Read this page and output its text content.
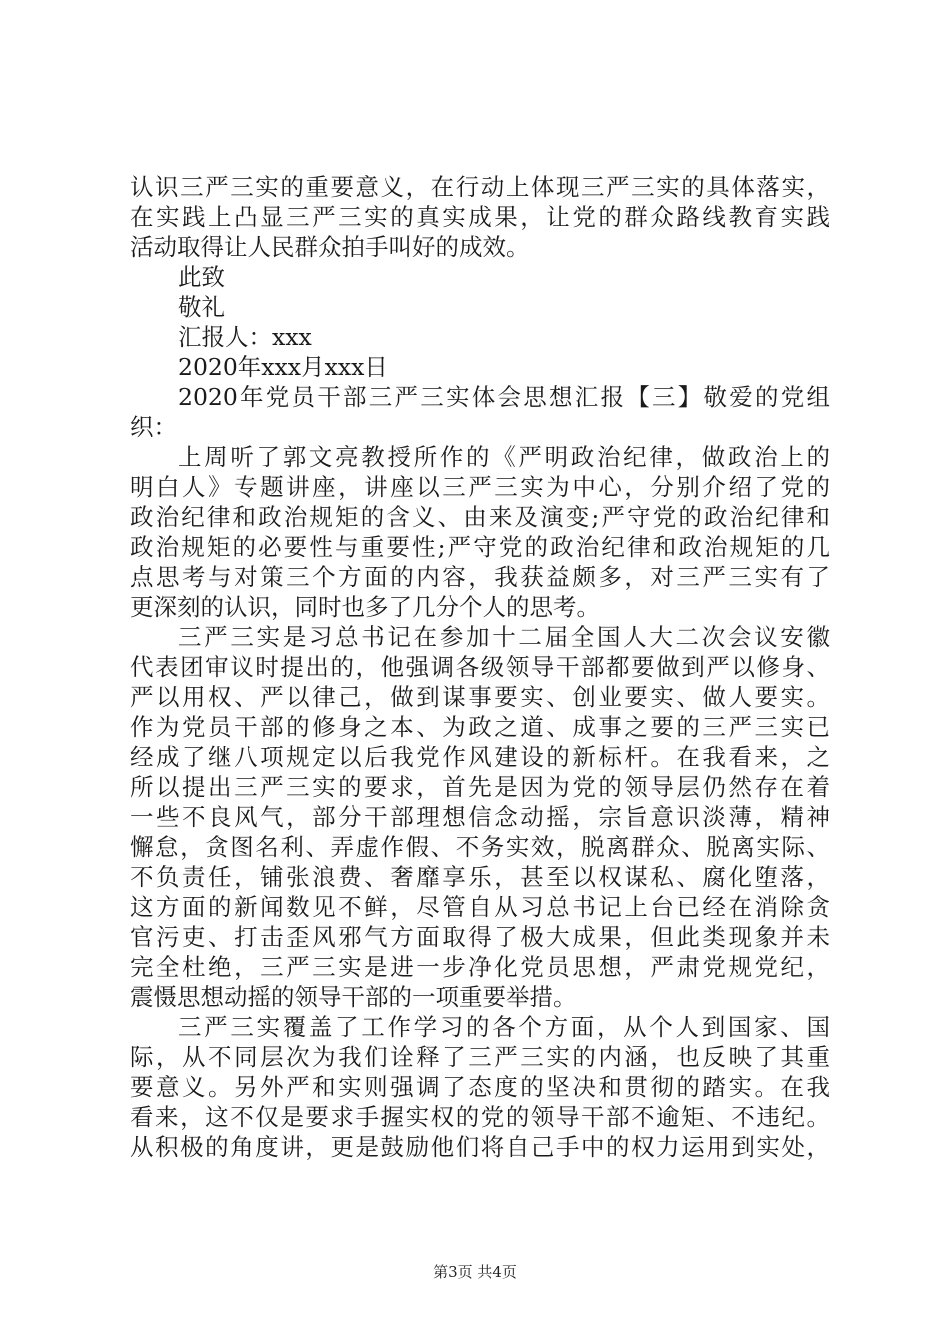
认识三严三实的重要意义，在行动上体现三严三实的具体落实，
在实践上凸显三严三实的真实成果，让党的群众路线教育实践
活动取得让人民群众拍手叫好的成效。
此致
敬礼
汇报人：xxx
2020年xxx月xxx日
2020年党员干部三严三实体会思想汇报【三】敬爱的党组
织：
上周听了郭文亮教授所作的《严明政治纪律，做政治上的
明白人》专题讲座，讲座以三严三实为中心，分别介绍了党的
政治纪律和政治规矩的含义、由来及演变;严守党的政治纪律和
政治规矩的必要性与重要性;严守党的政治纪律和政治规矩的几
点思考与对策三个方面的内容，我获益颇多，对三严三实有了
更深刻的认识，同时也多了几分个人的思考。
三严三实是习总书记在参加十二届全国人大二次会议安徽
代表团审议时提出的，他强调各级领导干部都要做到严以修身、
严以用权、严以律己，做到谋事要实、创业要实、做人要实。
作为党员干部的修身之本、为政之道、成事之要的三严三实已
经成了继八项规定以后我党作风建设的新标杆。在我看来，之
所以提出三严三实的要求，首先是因为党的领导层仍然存在着
一些不良风气，部分干部理想信念动摇，宗旨意识淡薄，精神
懈怠，贪图名利、弄虚作假、不务实效，脱离群众、脱离实际、
不负责任，铺张浪费、奢靡享乐，甚至以权谋私、腐化堕落，
这方面的新闻数见不鲜，尽管自从习总书记上台已经在消除贪
官污吏、打击歪风邪气方面取得了极大成果，但此类现象并未
完全杜绝，三严三实是进一步净化党员思想，严肃党规党纪，
震慑思想动摇的领导干部的一项重要举措。
三严三实覆盖了工作学习的各个方面，从个人到国家、国
际，从不同层次为我们诠释了三严三实的内涵，也反映了其重
要意义。另外严和实则强调了态度的坚决和贯彻的踏实。在我
看来，这不仅是要求手握实权的党的领导干部不逾矩、不违纪。
从积极的角度讲，更是鼓励他们将自己手中的权力运用到实处，
第3页 共4页
